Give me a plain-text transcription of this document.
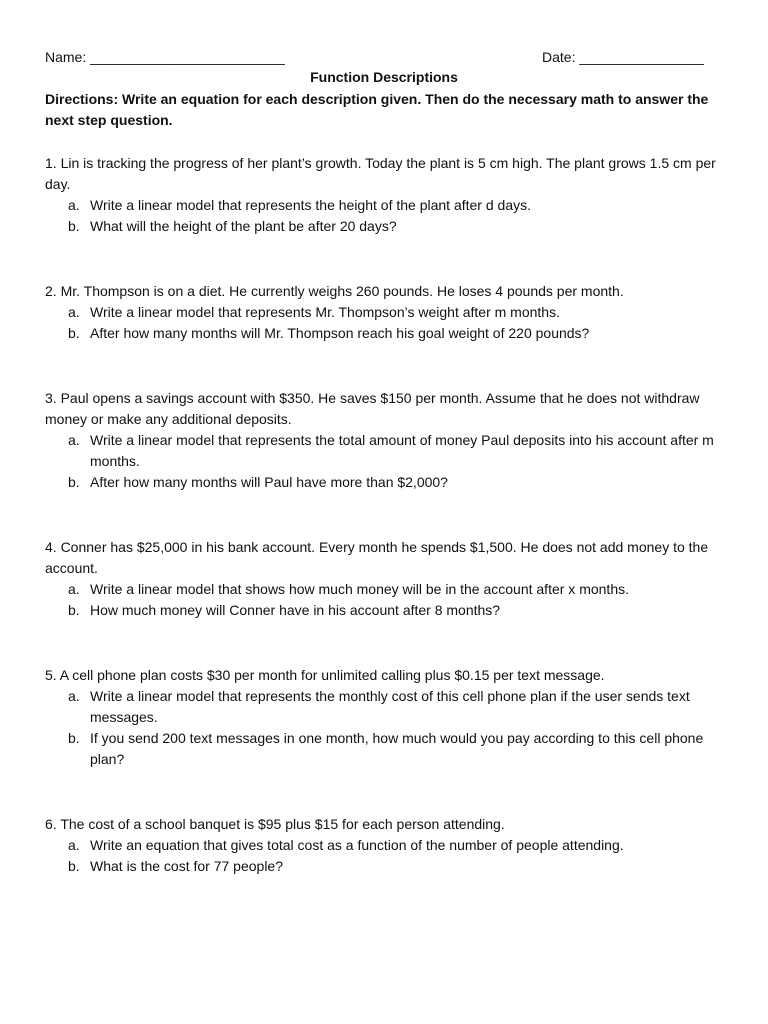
Name: _________________________	Date: ________________
Function Descriptions
Directions: Write an equation for each description given. Then do the necessary math to answer the next step question.

1. Lin is tracking the progress of her plant’s growth. Today the plant is 5 cm high. The plant grows 1.5 cm per day.

a. Write a linear model that represents the height of the plant after d days.
b. What will the height of the plant be after 20 days?

2. Mr. Thompson is on a diet. He currently weighs 260 pounds. He loses 4 pounds per month.

a. Write a linear model that represents Mr. Thompson’s weight after m months.
b. After how many months will Mr. Thompson reach his goal weight of 220 pounds?

3. Paul opens a savings account with $350. He saves $150 per month. Assume that he does not withdraw money or make any additional deposits.

a. Write a linear model that represents the total amount of money Paul deposits into his account after m months.
b. After how many months will Paul have more than $2,000?

4. Conner has $25,000 in his bank account. Every month he spends $1,500. He does not add money to the account.

a. Write a linear model that shows how much money will be in the account after x months.
b. How much money will Conner have in his account after 8 months?

5. A cell phone plan costs $30 per month for unlimited calling plus $0.15 per text message.

a. Write a linear model that represents the monthly cost of this cell phone plan if the user sends text messages.
b. If you send 200 text messages in one month, how much would you pay according to this cell phone plan?

6. The cost of a school banquet is $95 plus $15 for each person attending.

a. Write an equation that gives total cost as a function of the number of people attending.
b. What is the cost for 77 people?
